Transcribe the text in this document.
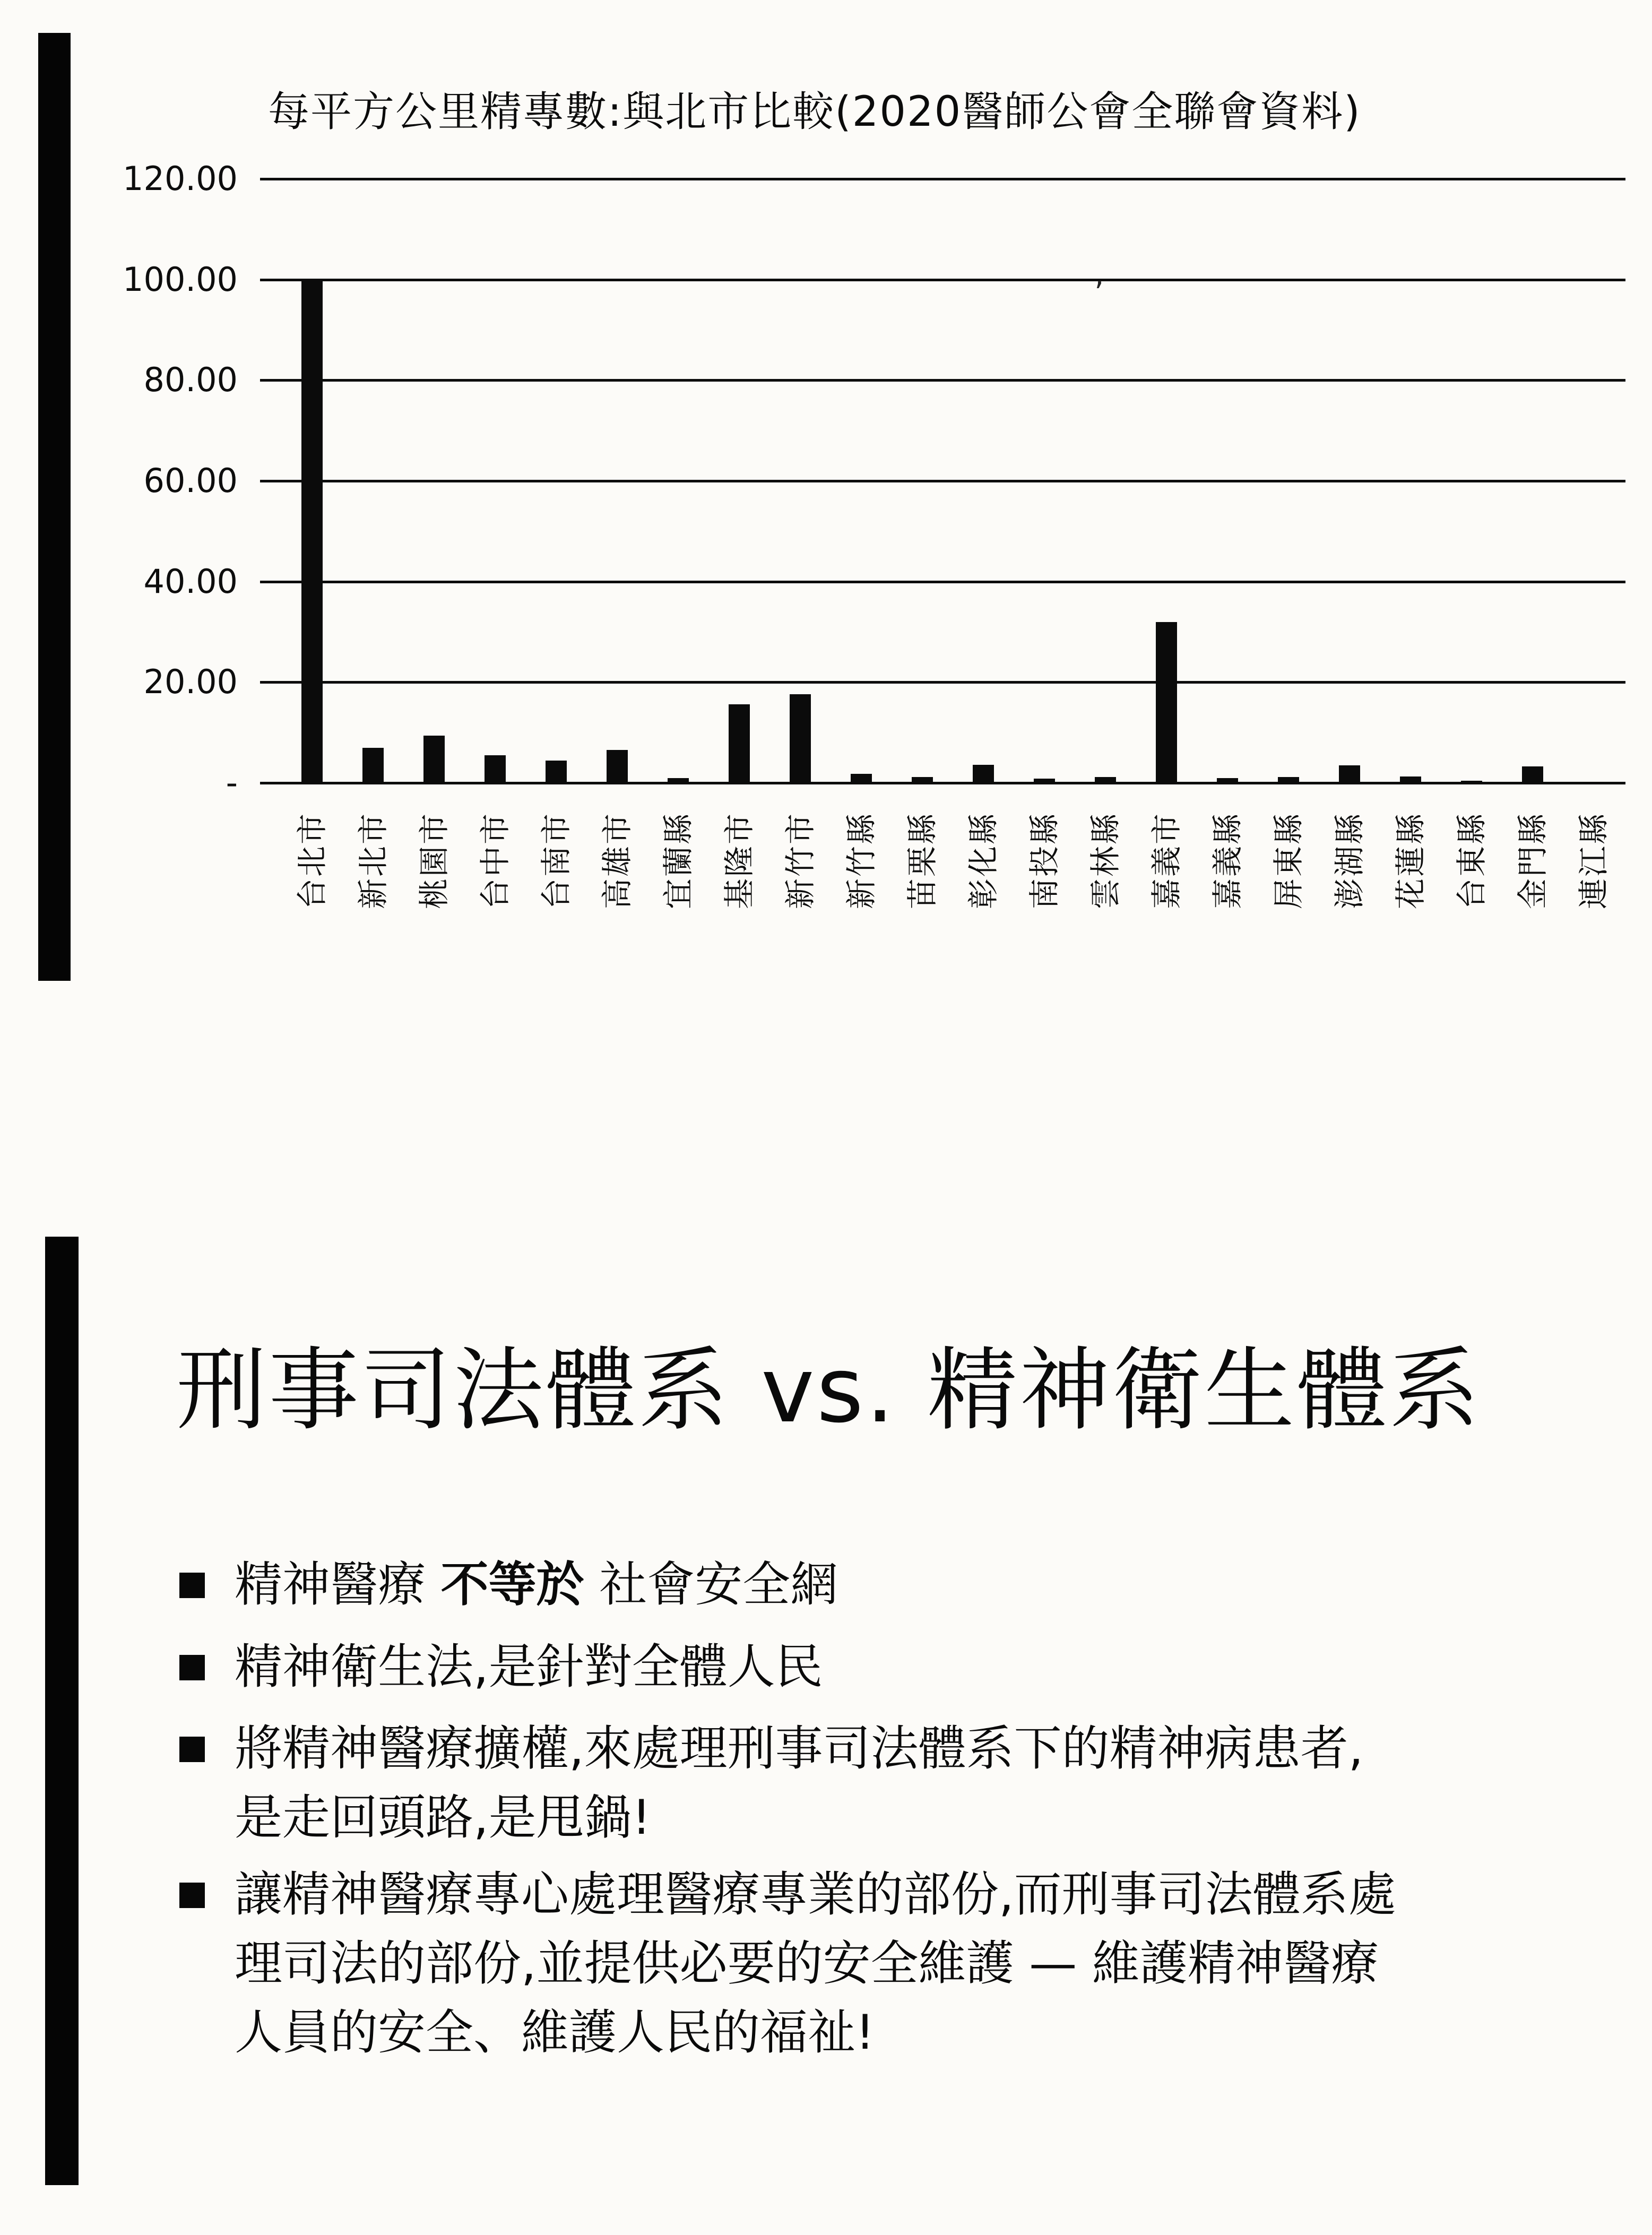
每平方公里精專數:與北市比較(2020醫師公會全聯會資料)
120.00
100.00
80.00
60.00
40.00
20.00
-
台北市 新北市 桃園市 台中市 台南市 高雄市 宜蘭縣 基隆市 新竹市 新竹縣 苗栗縣 彰化縣 南投縣 雲林縣 嘉義市 嘉義縣 屏東縣 澎湖縣 花蓮縣 台東縣 金門縣 連江縣
’
刑事司法體系 vs. 精神衛生體系
精神醫療 不等於 社會安全網
精神衛生法,是針對全體人民
將精神醫療擴權,來處理刑事司法體系下的精神病患者,
是走回頭路,是甩鍋!
讓精神醫療專心處理醫療專業的部份,而刑事司法體系處
理司法的部份,並提供必要的安全維護 — 維護精神醫療
人員的安全、維護人民的福祉!
